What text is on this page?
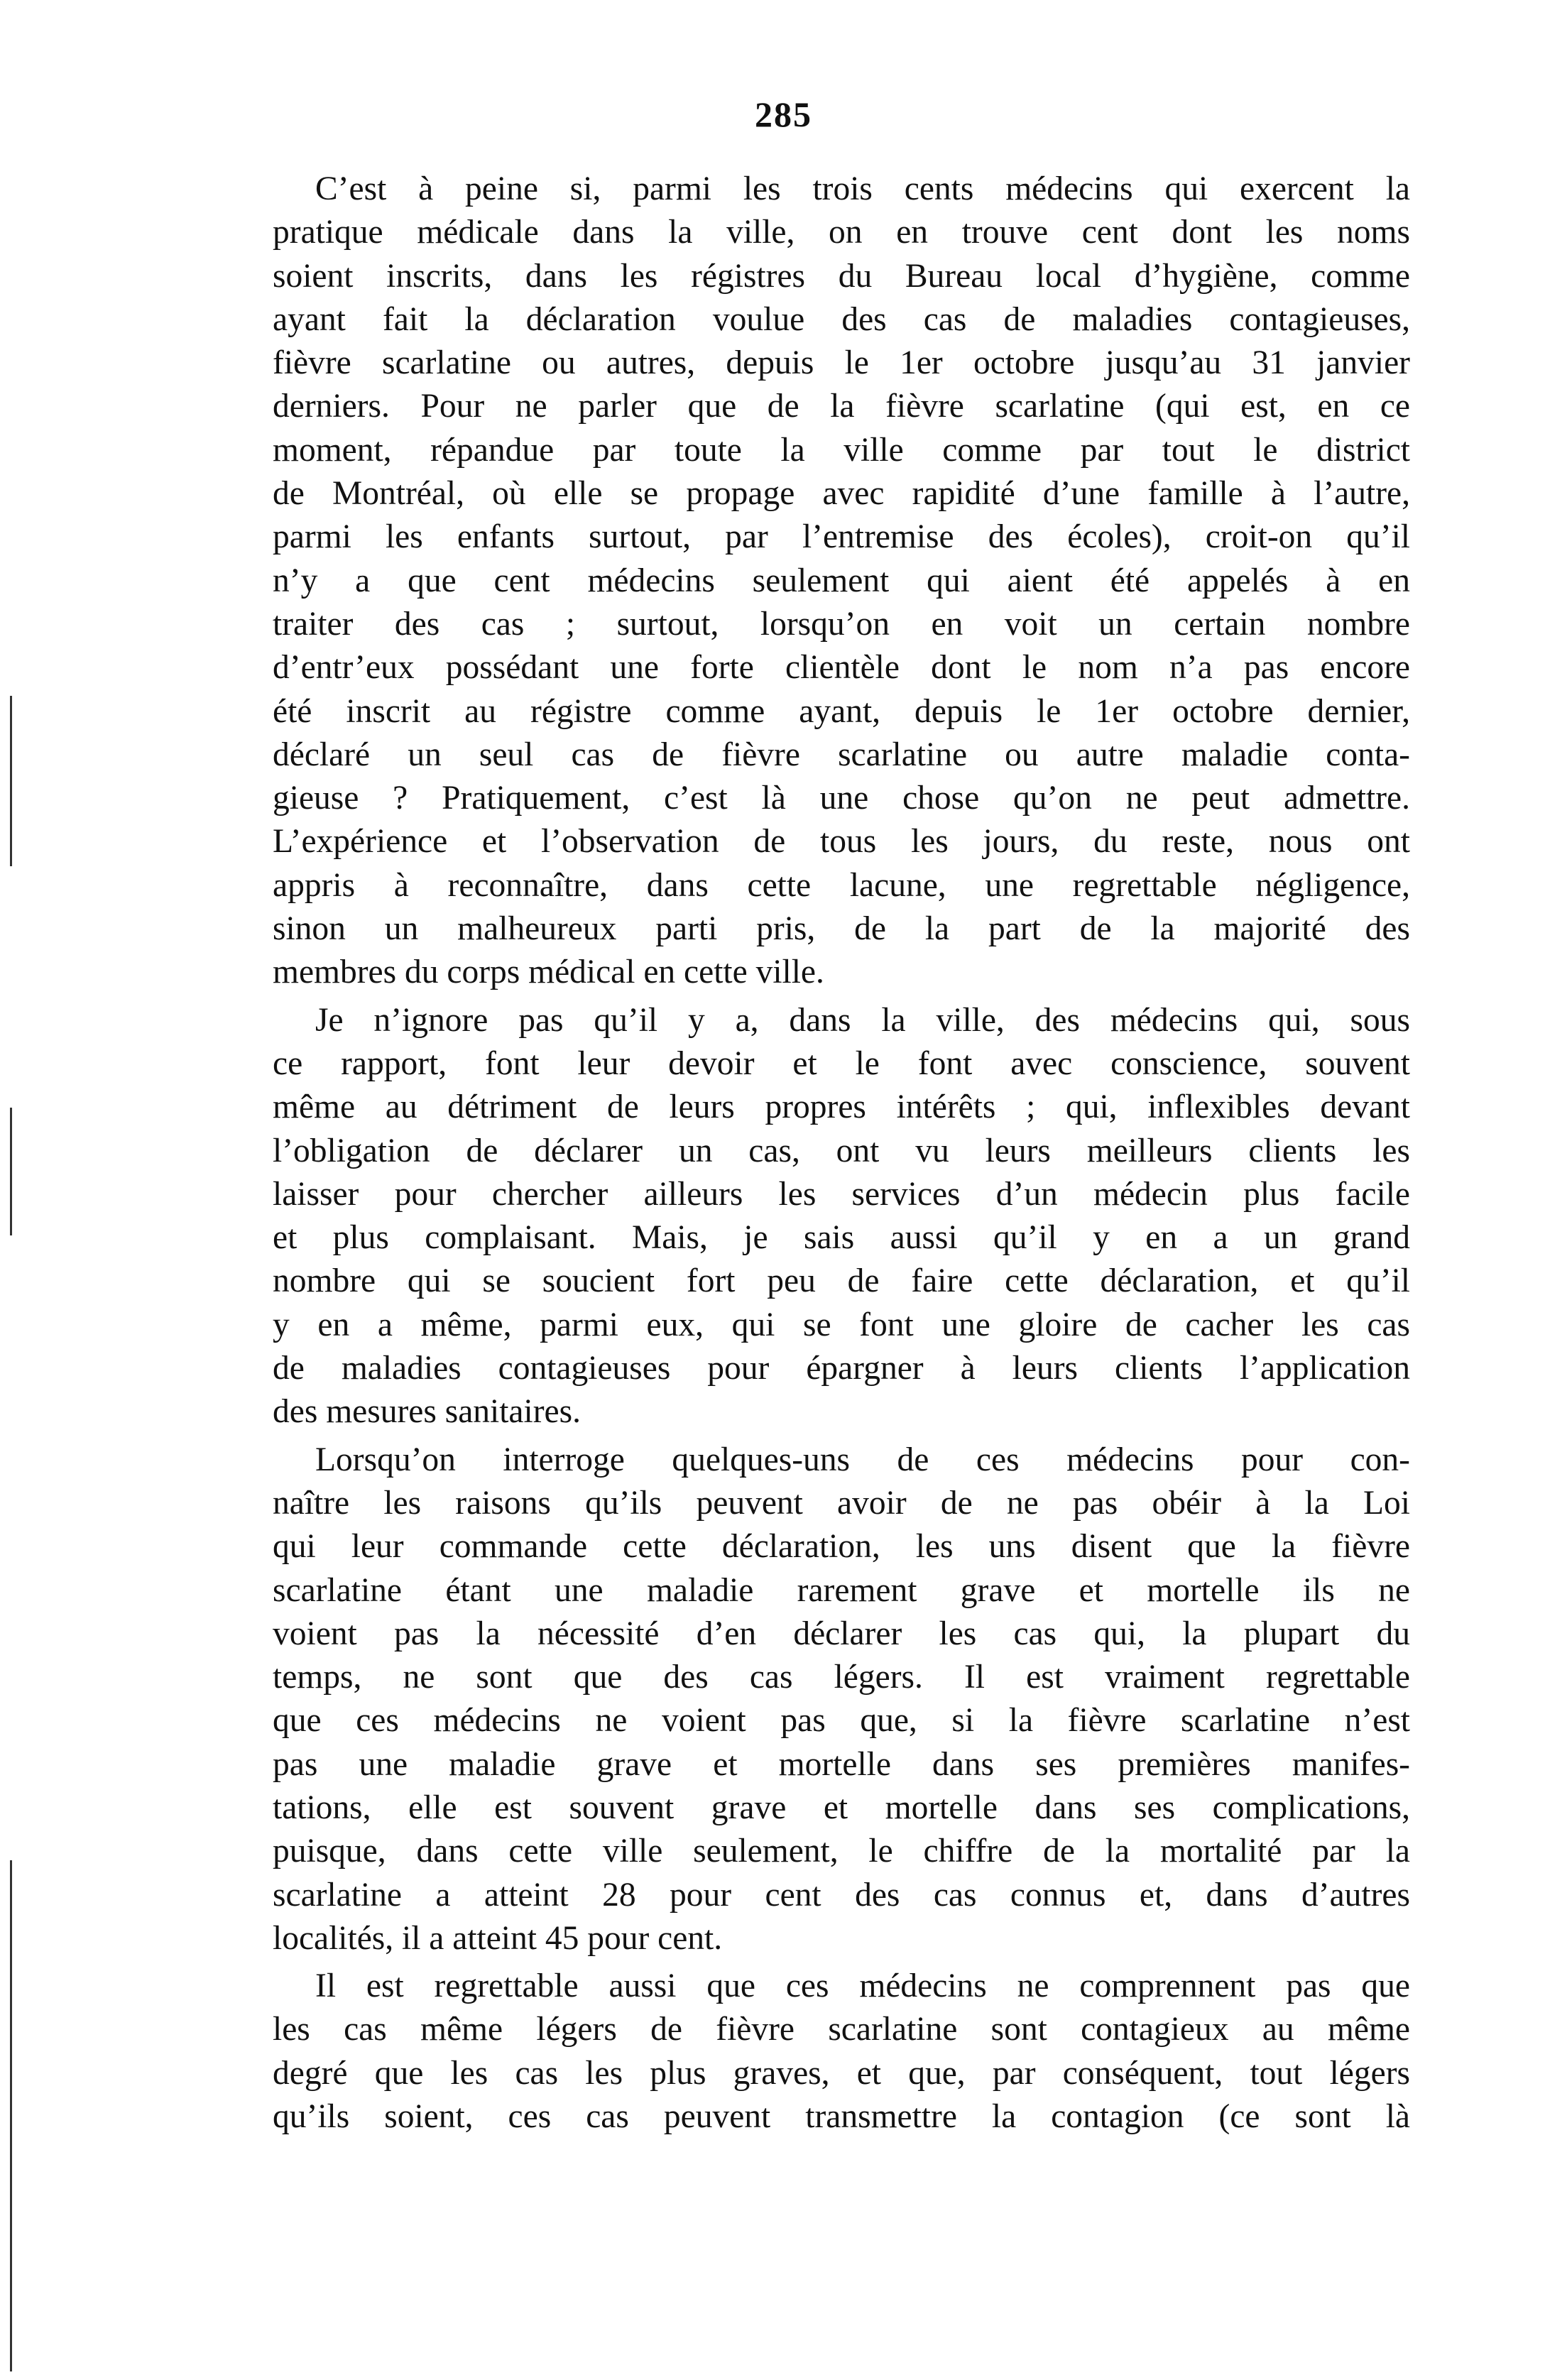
285
C’est à peine si, parmi les trois cents médecins qui exercent la
pratique médicale dans la ville, on en trouve cent dont les noms
soient inscrits, dans les régistres du Bureau local d’hygiène, comme
ayant fait la déclaration voulue des cas de maladies contagieuses,
fièvre scarlatine ou autres, depuis le 1er octobre jusqu’au 31 janvier
derniers. Pour ne parler que de la fièvre scarlatine (qui est, en ce
moment, répandue par toute la ville comme par tout le district
de Montréal, où elle se propage avec rapidité d’une famille à l’autre,
parmi les enfants surtout, par l’entremise des écoles), croit-on qu’il
n’y a que cent médecins seulement qui aient été appelés à en
traiter des cas ; surtout, lorsqu’on en voit un certain nombre
d’entr’eux possédant une forte clientèle dont le nom n’a pas encore
été inscrit au régistre comme ayant, depuis le 1er octobre dernier,
déclaré un seul cas de fièvre scarlatine ou autre maladie conta-
gieuse ? Pratiquement, c’est là une chose qu’on ne peut admettre.
L’expérience et l’observation de tous les jours, du reste, nous ont
appris à reconnaître, dans cette lacune, une regrettable négligence,
sinon un malheureux parti pris, de la part de la majorité des
membres du corps médical en cette ville.
Je n’ignore pas qu’il y a, dans la ville, des médecins qui, sous
ce rapport, font leur devoir et le font avec conscience, souvent
même au détriment de leurs propres intérêts ; qui, inflexibles devant
l’obligation de déclarer un cas, ont vu leurs meilleurs clients les
laisser pour chercher ailleurs les services d’un médecin plus facile
et plus complaisant. Mais, je sais aussi qu’il y en a un grand
nombre qui se soucient fort peu de faire cette déclaration, et qu’il
y en a même, parmi eux, qui se font une gloire de cacher les cas
de maladies contagieuses pour épargner à leurs clients l’application
des mesures sanitaires.
Lorsqu’on interroge quelques-uns de ces médecins pour con-
naître les raisons qu’ils peuvent avoir de ne pas obéir à la Loi
qui leur commande cette déclaration, les uns disent que la fièvre
scarlatine étant une maladie rarement grave et mortelle ils ne
voient pas la nécessité d’en déclarer les cas qui, la plupart du
temps, ne sont que des cas légers. Il est vraiment regrettable
que ces médecins ne voient pas que, si la fièvre scarlatine n’est
pas une maladie grave et mortelle dans ses premières manifes-
tations, elle est souvent grave et mortelle dans ses complications,
puisque, dans cette ville seulement, le chiffre de la mortalité par la
scarlatine a atteint 28 pour cent des cas connus et, dans d’autres
localités, il a atteint 45 pour cent.
Il est regrettable aussi que ces médecins ne comprennent pas que
les cas même légers de fièvre scarlatine sont contagieux au même
degré que les cas les plus graves, et que, par conséquent, tout légers
qu’ils soient, ces cas peuvent transmettre la contagion (ce sont là
